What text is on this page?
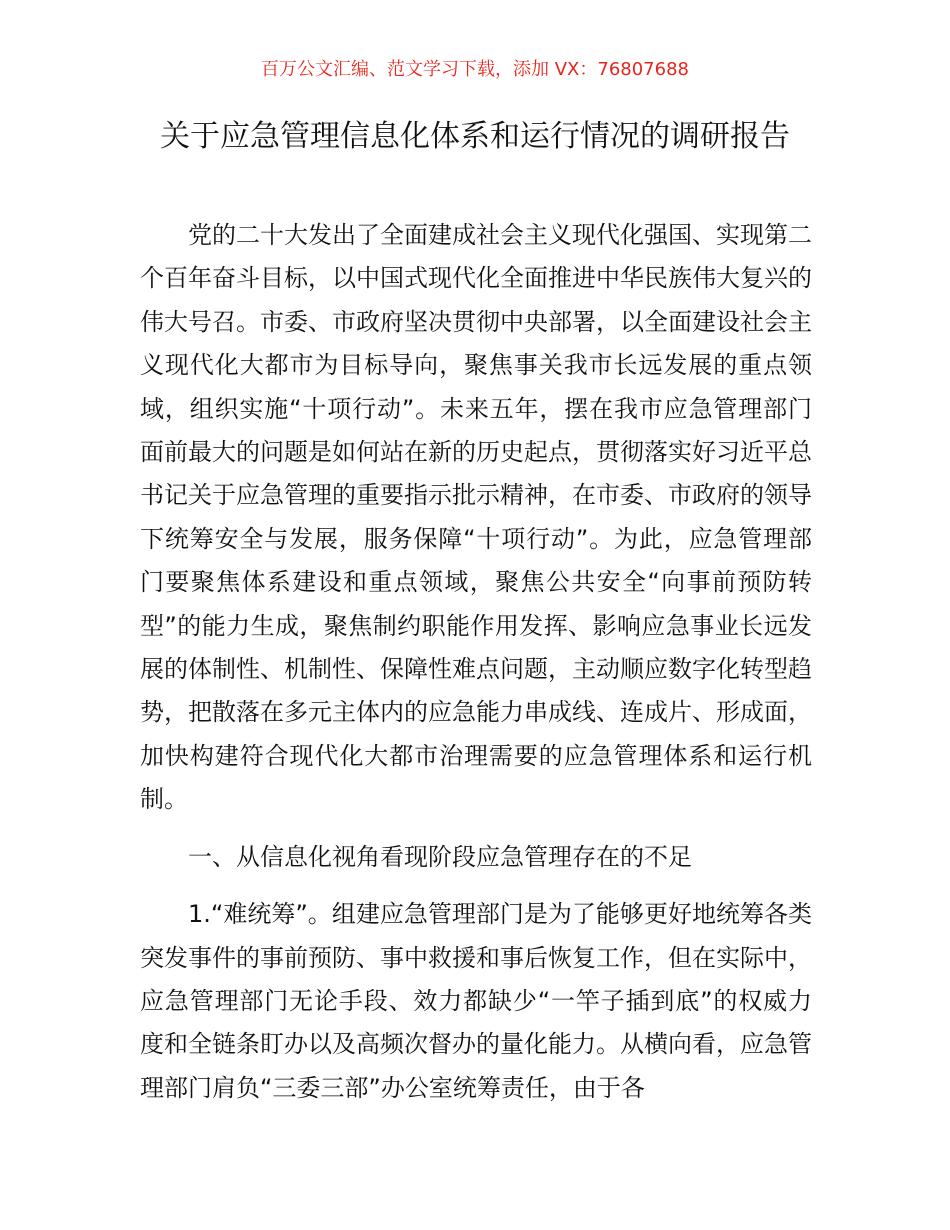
百万公文汇编、范文学习下载，添加 VX：76807688
关于应急管理信息化体系和运行情况的调研报告

党的二十大发出了全面建成社会主义现代化强国、实现第二个百年奋斗目标，以中国式现代化全面推进中华民族伟大复兴的伟大号召。市委、市政府坚决贯彻中央部署，以全面建设社会主义现代化大都市为目标导向，聚焦事关我市长远发展的重点领域，组织实施“十项行动”。未来五年，摆在我市应急管理部门面前最大的问题是如何站在新的历史起点，贯彻落实好习近平总书记关于应急管理的重要指示批示精神，在市委、市政府的领导下统筹安全与发展，服务保障“十项行动”。为此，应急管理部门要聚焦体系建设和重点领域，聚焦公共安全“向事前预防转型”的能力生成，聚焦制约职能作用发挥、影响应急事业长远发展的体制性、机制性、保障性难点问题，主动顺应数字化转型趋势，把散落在多元主体内的应急能力串成线、连成片、形成面，加快构建符合现代化大都市治理需要的应急管理体系和运行机制。

一、从信息化视角看现阶段应急管理存在的不足

1.“难统筹”。组建应急管理部门是为了能够更好地统筹各类突发事件的事前预防、事中救援和事后恢复工作，但在实际中，应急管理部门无论手段、效力都缺少“一竿子插到底”的权威力度和全链条盯办以及高频次督办的量化能力。从横向看，应急管理部门肩负“三委三部”办公室统筹责任，由于各
